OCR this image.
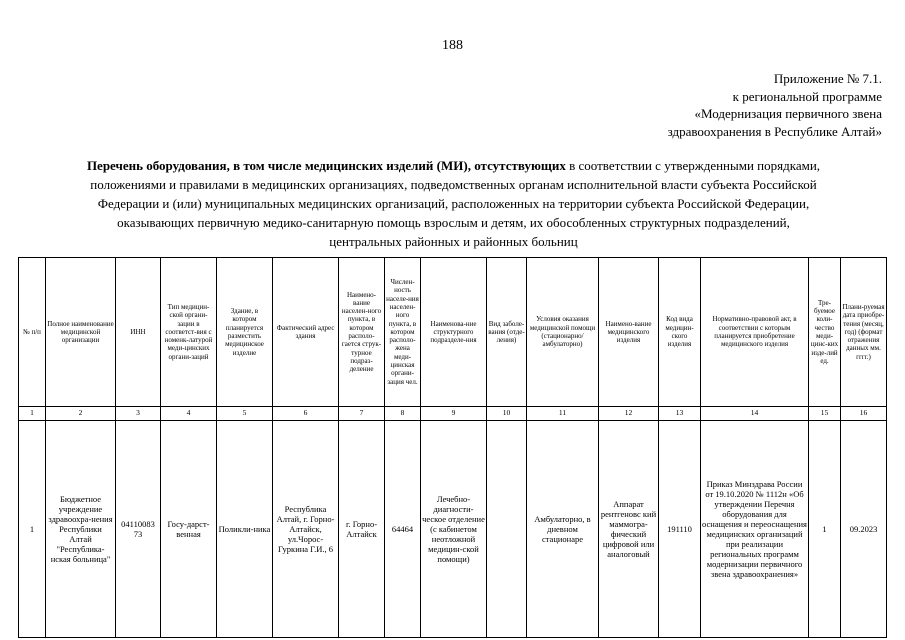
188
Приложение № 7.1.
к региональной программе
«Модернизация первичного звена
здравоохранения в Республике Алтай»
Перечень оборудования, в том числе медицинских изделий (МИ), отсутствующих в соответствии с утвержденными порядками,
положениями и правилами в медицинских организациях, подведомственных органам исполнительной власти субъекта Российской
Федерации и (или) муниципальных медицинских организаций, расположенных на территории субъекта Российской Федерации,
оказывающих первичную медико-санитарную помощь взрослым и детям, их обособленных структурных подразделений,
центральных районных и районных больниц
№ п/п	Полное наименование медицинской организации	ИНН	Тип медицин-ской органи-зации в соответст-вия с номенк-латурой меди-цинских органи-заций	Здание, в котором планируется разместить медицинское изделие	Фактический адрес здания	Наимено-вание населен-ного пункта, в котором располо-гается струк-турное подраз-деление	Числен-ность населе-ния населен-ного пункта, в котором располо-жена меди-цинская органи-зация чел.	Наименова-ние структурного подразделе-ния	Вид заболе-вания (отде-ления)	Условия оказания медицинской помощи (стационарно/амбулаторно)	Наимено-вание медицинского изделия	Код вида медицин-ского изделия	Нормативно-правовой акт, в соответствии с которым планируется приобретение медицинского изделия	Тре-буемое коли-чество меди-цинс-ких изде-лий ед.	Плани-руемая дата приобре-тения (месяц, год) (формат отражения данных мм. гггг.)
1	2	3	4	5	6	7	8	9	10	11	12	13	14	15	16
1	Бюджетное учреждение здравоохра-нения Республики Алтай "Республика-нская больница"	04110083 73	Госу-дарст-венная	Поликли-ника	Республика Алтай, г. Горно-Алтайск, ул.Чорос-Гуркина Г.И., 6	г. Горно-Алтайск	64464	Лечебно-диагности-ческое отделение (с кабинетом неотложной медицин-ской помощи)		Амбулаторно, в дневном стационаре	Аппарат рентгеновс кий маммогра-фический цифровой или аналоговый	191110	Приказ Минздрава России от 19.10.2020 № 1112н «Об утверждении Перечня оборудования для оснащения и переоснащения медицинских организаций при реализации региональных программ модернизации первичного звена здравоохранения»	1	09.2023
